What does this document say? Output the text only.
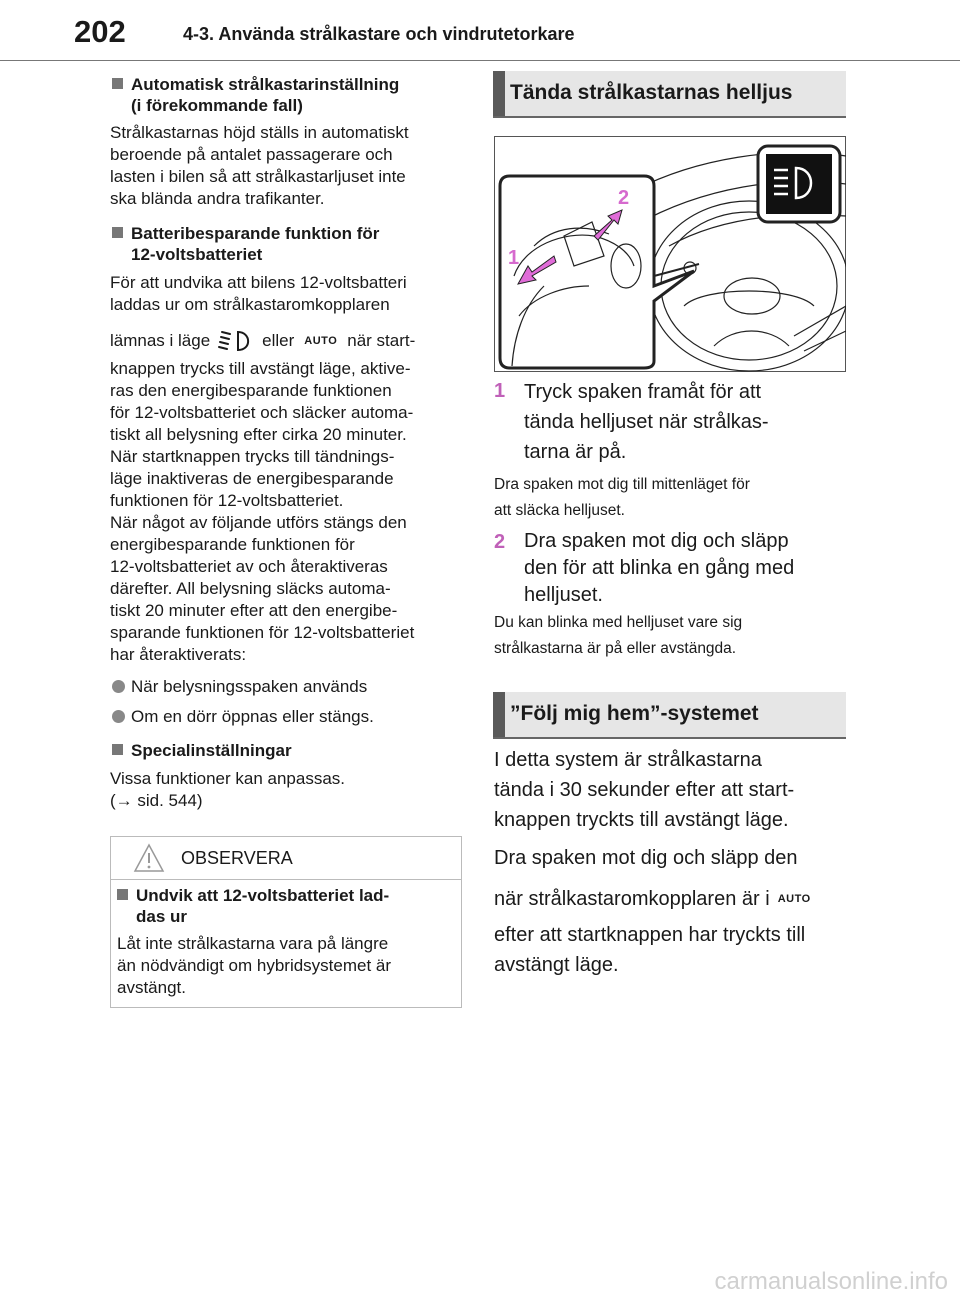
202	4-3. Använda strålkastare och vindrutetorkare
Automatisk strålkastarinställning
(i förekommande fall)
Strålkastarnas höjd ställs in automatiskt
beroende på antalet passagerare och
lasten i bilen så att strålkastarljuset inte
ska blända andra trafikanter.
Batteribesparande funktion för
12-voltsbatteriet
För att undvika att bilens 12-voltsbatteri
laddas ur om strålkastaromkopplaren
lämnas i läge	eller AUTO när start-
knappen trycks till avstängt läge, aktive-
ras den energibesparande funktionen
för 12-voltsbatteriet och släcker automa-
tiskt all belysning efter cirka 20 minuter.
När startknappen trycks till tändnings-
läge inaktiveras de energibesparande
funktionen för 12-voltsbatteriet.
När något av följande utförs stängs den
energibesparande funktionen för
12-voltsbatteriet av och återaktiveras
därefter. All belysning släcks automa-
tiskt 20 minuter efter att den energibe-
sparande funktionen för 12-voltsbatteriet
har återaktiverats:
När belysningsspaken används
Om en dörr öppnas eller stängs.
Specialinställningar
Vissa funktioner kan anpassas.
(→ sid. 544)
OBSERVERA
Undvik att 12-voltsbatteriet lad-
das ur
Låt inte strålkastarna vara på längre
än nödvändigt om hybridsystemet är
avstängt.
Tända strålkastarnas helljus
2
1
1 Tryck spaken framåt för att
tända helljuset när strålkas-
tarna är på.
Dra spaken mot dig till mittenläget för
att släcka helljuset.
2 Dra spaken mot dig och släpp
den för att blinka en gång med
helljuset.
Du kan blinka med helljuset vare sig
strålkastarna är på eller avstängda.
”Följ mig hem”-systemet
I detta system är strålkastarna
tända i 30 sekunder efter att start-
knappen tryckts till avstängt läge.
Dra spaken mot dig och släpp den
när strålkastaromkopplaren är i AUTO
efter att startknappen har tryckts till
avstängt läge.
carmanualsonline.info
